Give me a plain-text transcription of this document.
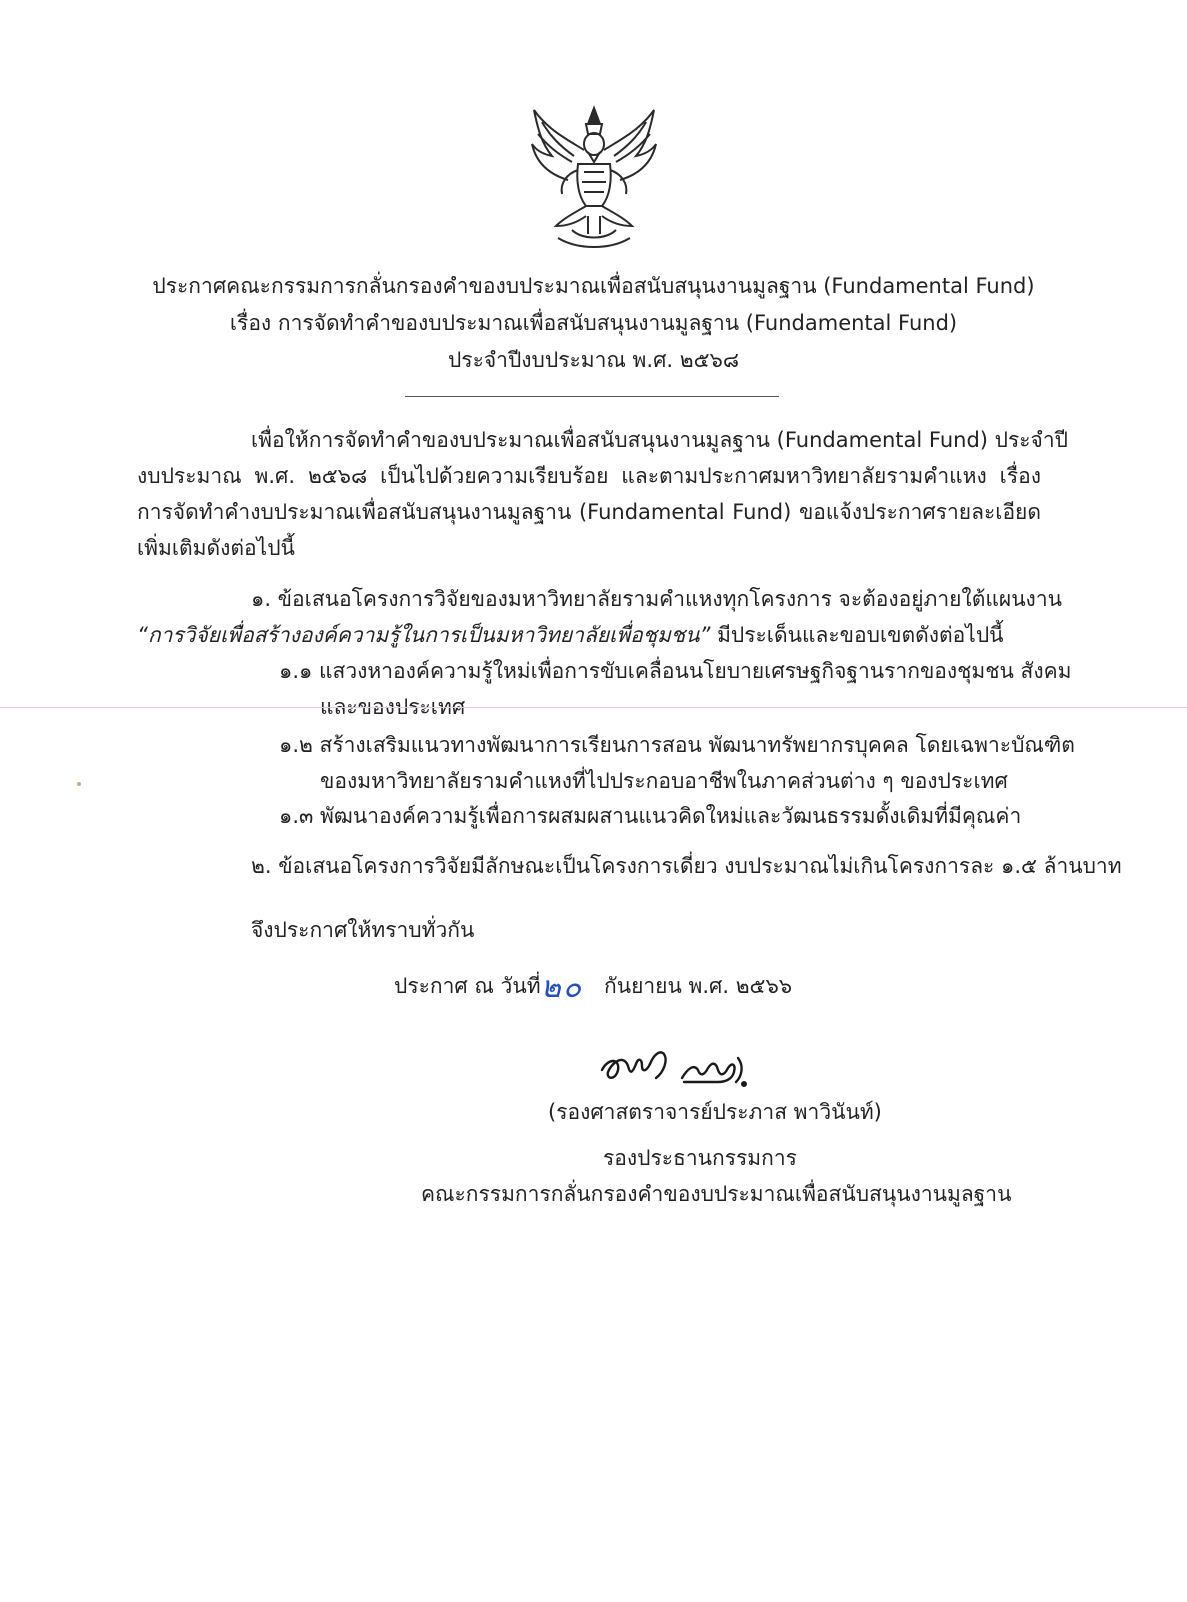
ประกาศคณะกรรมการกลั่นกรองคำของบประมาณเพื่อสนับสนุนงานมูลฐาน (Fundamental Fund)
เรื่อง การจัดทำคำของบประมาณเพื่อสนับสนุนงานมูลฐาน (Fundamental Fund)
ประจำปีงบประมาณ พ.ศ. ๒๕๖๘
เพื่อให้การจัดทำคำของบประมาณเพื่อสนับสนุนงานมูลฐาน (Fundamental Fund) ประจำปี
งบประมาณ พ.ศ. ๒๕๖๘ เป็นไปด้วยความเรียบร้อย และตามประกาศมหาวิทยาลัยรามคำแหง เรื่อง
การจัดทำคำงบประมาณเพื่อสนับสนุนงานมูลฐาน (Fundamental Fund) ขอแจ้งประกาศรายละเอียด
เพิ่มเติมดังต่อไปนี้
๑. ข้อเสนอโครงการวิจัยของมหาวิทยาลัยรามคำแหงทุกโครงการ จะต้องอยู่ภายใต้แผนงาน
“การวิจัยเพื่อสร้างองค์ความรู้ในการเป็นมหาวิทยาลัยเพื่อชุมชน” มีประเด็นและขอบเขตดังต่อไปนี้
๑.๑ แสวงหาองค์ความรู้ใหม่เพื่อการขับเคลื่อนนโยบายเศรษฐกิจฐานรากของชุมชน สังคม
และของประเทศ
๑.๒ สร้างเสริมแนวทางพัฒนาการเรียนการสอน พัฒนาทรัพยากรบุคคล โดยเฉพาะบัณฑิต
ของมหาวิทยาลัยรามคำแหงที่ไปประกอบอาชีพในภาคส่วนต่าง ๆ ของประเทศ
๑.๓ พัฒนาองค์ความรู้เพื่อการผสมผสานแนวคิดใหม่และวัฒนธรรมดั้งเดิมที่มีคุณค่า
๒. ข้อเสนอโครงการวิจัยมีลักษณะเป็นโครงการเดี่ยว งบประมาณไม่เกินโครงการละ ๑.๕ ล้านบาท
จึงประกาศให้ทราบทั่วกัน
ประกาศ ณ วันที่ ๒๐ กันยายน พ.ศ. ๒๕๖๖
(รองศาสตราจารย์ประภาส พาวินันท์)
รองประธานกรรมการ
คณะกรรมการกลั่นกรองคำของบประมาณเพื่อสนับสนุนงานมูลฐาน
